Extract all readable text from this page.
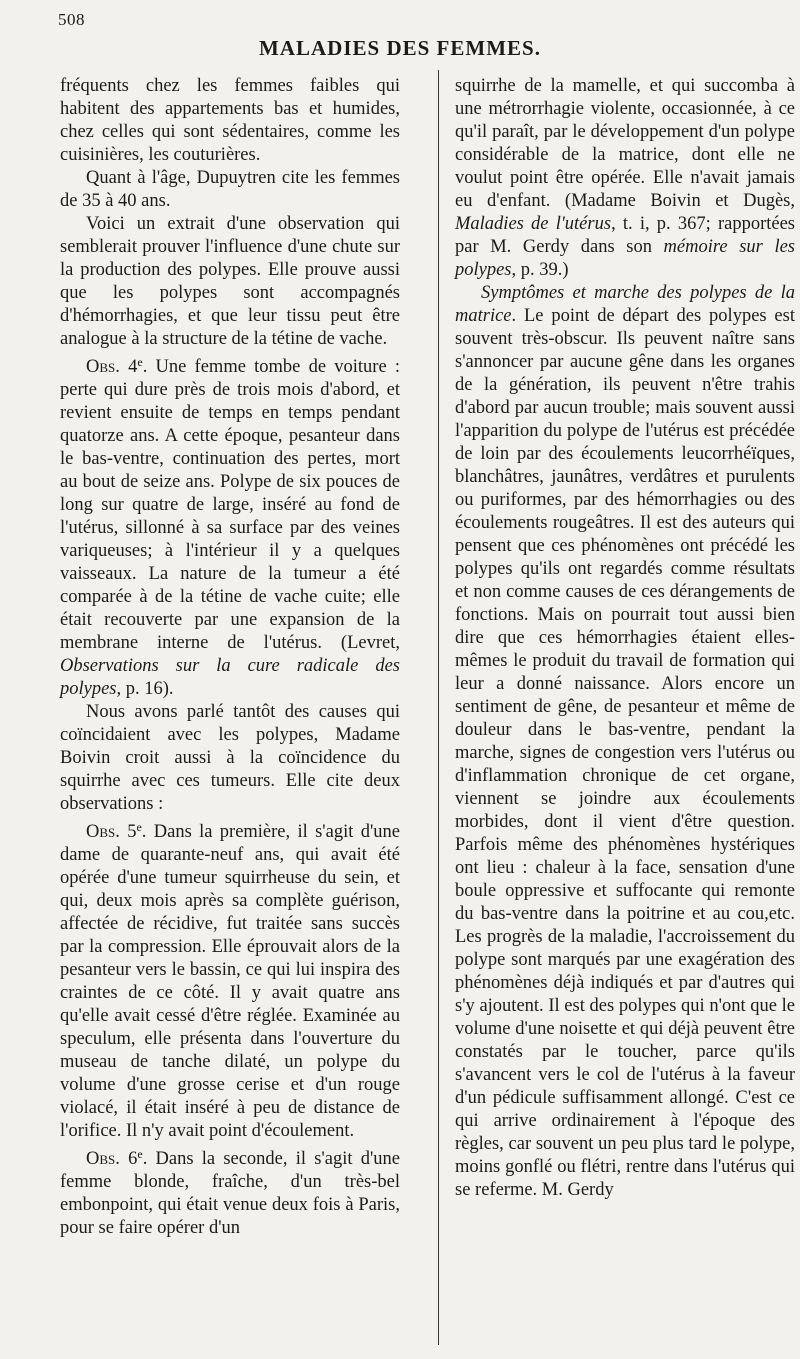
508
MALADIES DES FEMMES.

fréquents chez les femmes faibles qui habitent des appartements bas et humides, chez celles qui sont sédentaires, comme les cuisinières, les couturières.

Quant à l'âge, Dupuytren cite les femmes de 35 à 40 ans.

Voici un extrait d'une observation qui semblerait prouver l'influence d'une chute sur la production des polypes. Elle prouve aussi que les polypes sont accompagnés d'hémorrhagies, et que leur tissu peut être analogue à la structure de la tétine de vache.

Obs. 4e. Une femme tombe de voiture : perte qui dure près de trois mois d'abord, et revient ensuite de temps en temps pendant quatorze ans. A cette époque, pesanteur dans le bas-ventre, continuation des pertes, mort au bout de seize ans. Polype de six pouces de long sur quatre de large, inséré au fond de l'utérus, sillonné à sa surface par des veines variqueuses; à l'intérieur il y a quelques vaisseaux. La nature de la tumeur a été comparée à de la tétine de vache cuite; elle était recouverte par une expansion de la membrane interne de l'utérus. (Levret, Observations sur la cure radicale des polypes, p. 16).

Nous avons parlé tantôt des causes qui coïncidaient avec les polypes, Madame Boivin croit aussi à la coïncidence du squirrhe avec ces tumeurs. Elle cite deux observations :

Obs. 5e. Dans la première, il s'agit d'une dame de quarante-neuf ans, qui avait été opérée d'une tumeur squirrheuse du sein, et qui, deux mois après sa complète guérison, affectée de récidive, fut traitée sans succès par la compression. Elle éprouvait alors de la pesanteur vers le bassin, ce qui lui inspira des craintes de ce côté. Il y avait quatre ans qu'elle avait cessé d'être réglée. Examinée au speculum, elle présenta dans l'ouverture du museau de tanche dilaté, un polype du volume d'une grosse cerise et d'un rouge violacé, il était inséré à peu de distance de l'orifice. Il n'y avait point d'écoulement.

Obs. 6e. Dans la seconde, il s'agit d'une femme blonde, fraîche, d'un très-bel embonpoint, qui était venue deux fois à Paris, pour se faire opérer d'un

squirrhe de la mamelle, et qui succomba à une métrorrhagie violente, occasionnée, à ce qu'il paraît, par le développement d'un polype considérable de la matrice, dont elle ne voulut point être opérée. Elle n'avait jamais eu d'enfant. (Madame Boivin et Dugès, Maladies de l'utérus, t. i, p. 367; rapportées par M. Gerdy dans son mémoire sur les polypes, p. 39.)

Symptômes et marche des polypes de la matrice. Le point de départ des polypes est souvent très-obscur. Ils peuvent naître sans s'annoncer par aucune gêne dans les organes de la génération, ils peuvent n'être trahis d'abord par aucun trouble; mais souvent aussi l'apparition du polype de l'utérus est précédée de loin par des écoulements leucorrhéïques, blanchâtres, jaunâtres, verdâtres et purulents ou puriformes, par des hémorrhagies ou des écoulements rougeâtres. Il est des auteurs qui pensent que ces phénomènes ont précédé les polypes qu'ils ont regardés comme résultats et non comme causes de ces dérangements de fonctions. Mais on pourrait tout aussi bien dire que ces hémorrhagies étaient elles-mêmes le produit du travail de formation qui leur a donné naissance. Alors encore un sentiment de gêne, de pesanteur et même de douleur dans le bas-ventre, pendant la marche, signes de congestion vers l'utérus ou d'inflammation chronique de cet organe, viennent se joindre aux écoulements morbides, dont il vient d'être question. Parfois même des phénomènes hystériques ont lieu : chaleur à la face, sensation d'une boule oppressive et suffocante qui remonte du bas-ventre dans la poitrine et au cou,etc. Les progrès de la maladie, l'accroissement du polype sont marqués par une exagération des phénomènes déjà indiqués et par d'autres qui s'y ajoutent. Il est des polypes qui n'ont que le volume d'une noisette et qui déjà peuvent être constatés par le toucher, parce qu'ils s'avancent vers le col de l'utérus à la faveur d'un pédicule suffisamment allongé. C'est ce qui arrive ordinairement à l'époque des règles, car souvent un peu plus tard le polype, moins gonflé ou flétri, rentre dans l'utérus qui se referme. M. Gerdy
